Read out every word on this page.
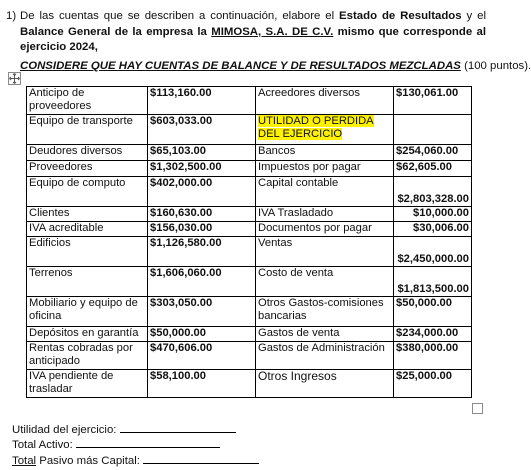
1) De las cuentas que se describen a continuación, elabore el Estado de Resultados y el Balance General de la empresa la MIMOSA, S.A. DE C.V. mismo que corresponde al ejercicio 2024,
CONSIDERE QUE HAY CUENTAS DE BALANCE Y DE RESULTADOS MEZCLADAS (100 puntos).
Anticipo de proveedores	$113,160.00	Acreedores diversos	$130,061.00
Equipo de transporte	$603,033.00	UTILIDAD O PERDIDA DEL EJERCICIO	
Deudores diversos	$65,103.00	Bancos	$254,060.00
Proveedores	$1,302,500.00	Impuestos por pagar	$62,605.00
Equipo de computo	$402,000.00	Capital contable	$2,803,328.00
Clientes	$160,630.00	IVA Trasladado	$10,000.00
IVA acreditable	$156,030.00	Documentos por pagar	$30,006.00
Edificios	$1,126,580.00	Ventas	$2,450,000.00
Terrenos	$1,606,060.00	Costo de venta	$1,813,500.00
Mobiliario y equipo de oficina	$303,050.00	Otros Gastos-comisiones bancarias	$50,000.00
Depósitos en garantía	$50,000.00	Gastos de venta	$234,000.00
Rentas cobradas por anticipado	$470,606.00	Gastos de Administración	$380,000.00
IVA pendiente de trasladar	$58,100.00	Otros Ingresos	$25,000.00
Utilidad del ejercicio:
Total Activo:
Total Pasivo más Capital:
